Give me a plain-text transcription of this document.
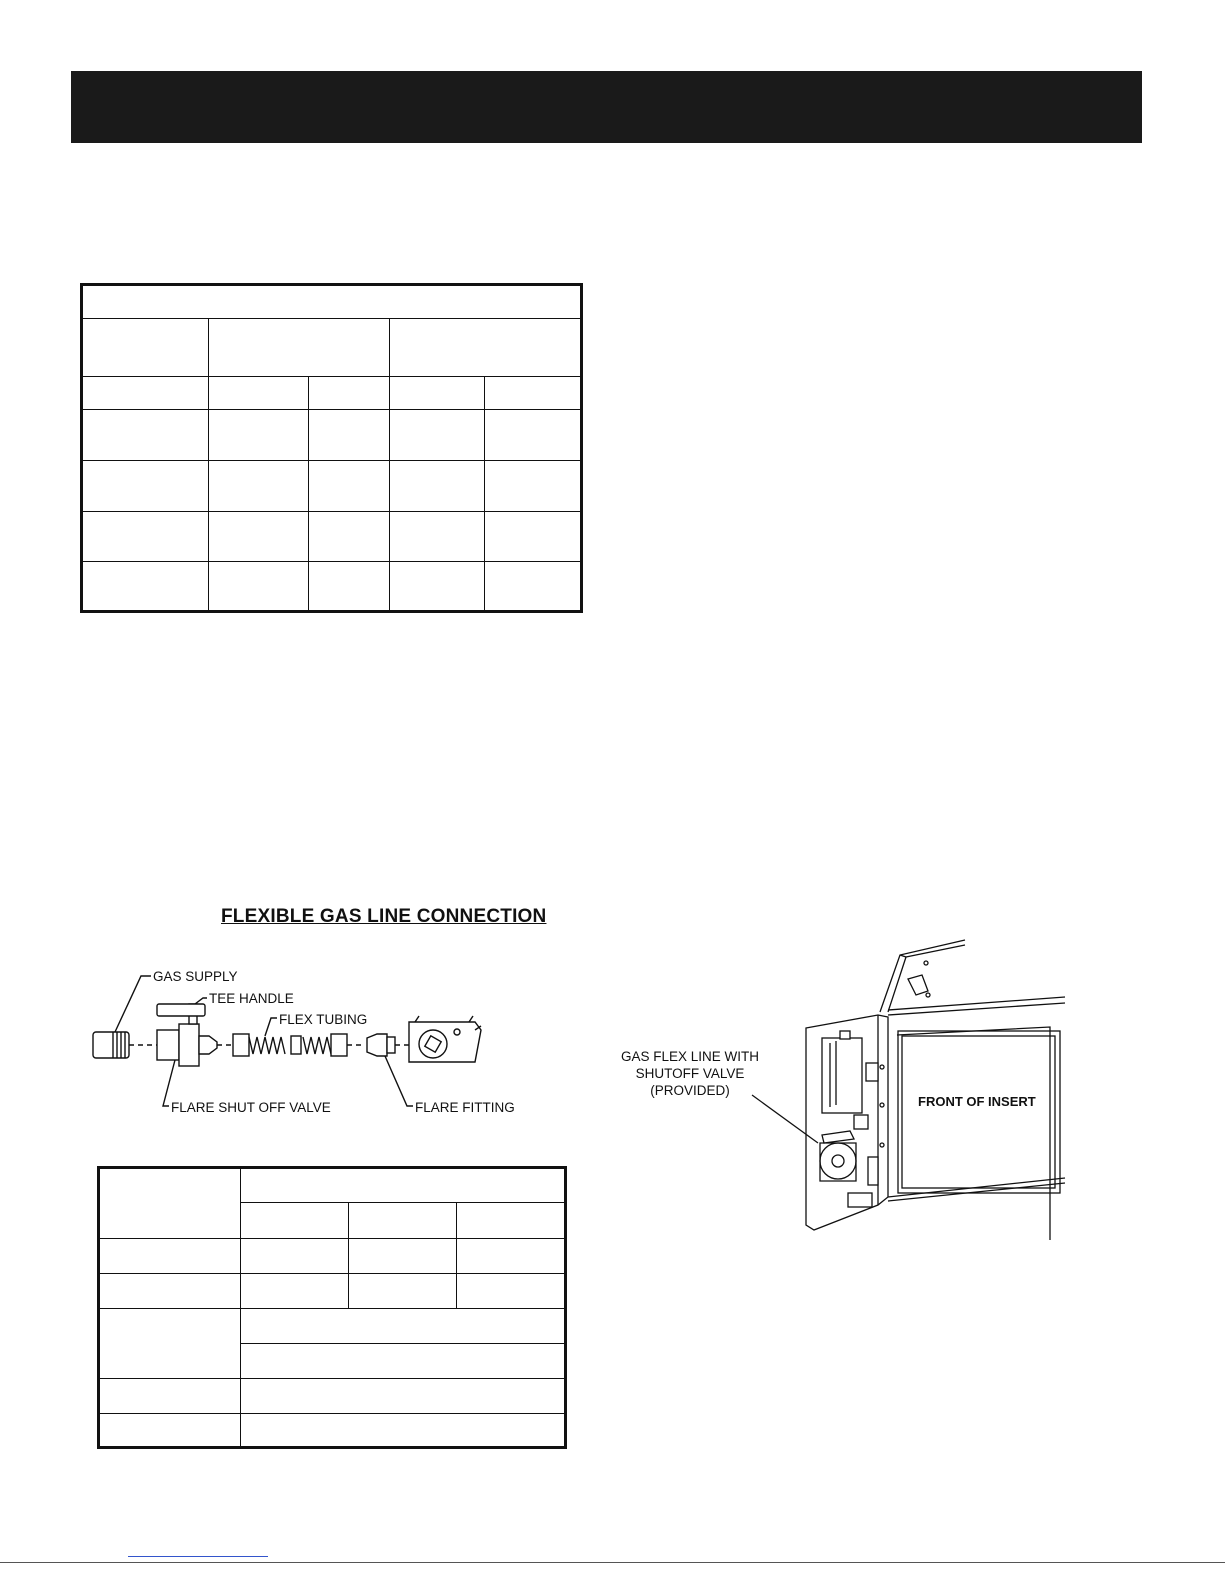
FLEXIBLE GAS LINE CONNECTION
GAS SUPPLY
TEE HANDLE
FLEX TUBING
FLARE SHUT OFF VALVE	FLARE FITTING

GAS FLEX LINE WITH
SHUTOFF VALVE
(PROVIDED)
FRONT OF INSERT
